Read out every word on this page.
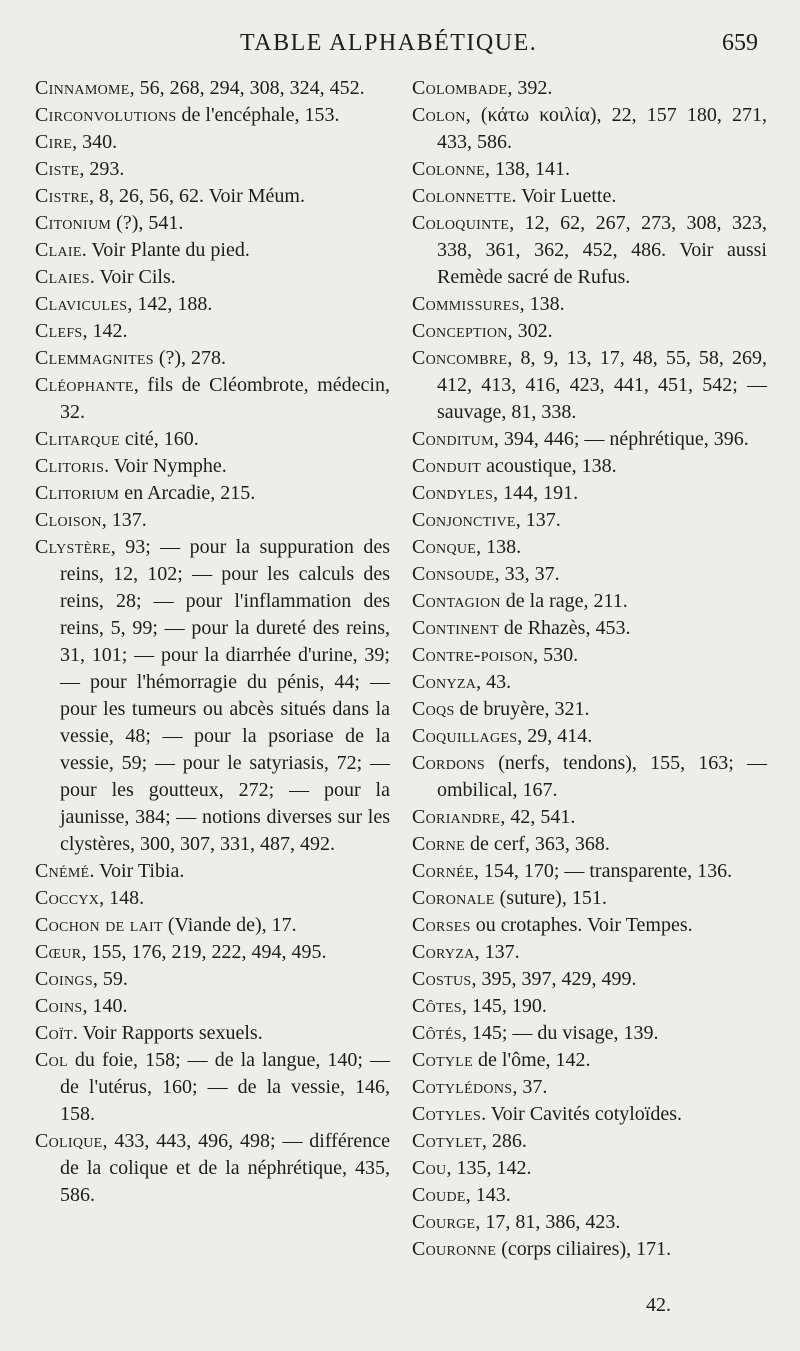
TABLE ALPHABÉTIQUE.	659

Cinnamome, 56, 268, 294, 308, 324, 452.

Circonvolutions de l'encéphale, 153.

Cire, 340.

Ciste, 293.

Cistre, 8, 26, 56, 62. Voir Méum.

Citonium (?), 541.

Claie. Voir Plante du pied.

Claies. Voir Cils.

Clavicules, 142, 188.

Clefs, 142.

Clemmagnites (?), 278.

Cléophante, fils de Cléombrote, médecin, 32.

Clitarque cité, 160.

Clitoris. Voir Nymphe.

Clitorium en Arcadie, 215.

Cloison, 137.

Clystère, 93; — pour la suppuration des reins, 12, 102; — pour les calculs des reins, 28; — pour l'inflammation des reins, 5, 99; — pour la dureté des reins, 31, 101; — pour la diarrhée d'urine, 39; — pour l'hémorragie du pénis, 44; — pour les tumeurs ou abcès situés dans la vessie, 48; — pour la psoriase de la vessie, 59; — pour le satyriasis, 72; — pour les goutteux, 272; — pour la jaunisse, 384; — notions diverses sur les clystères, 300, 307, 331, 487, 492.

Cnémé. Voir Tibia.

Coccyx, 148.

Cochon de lait (Viande de), 17.

Cœur, 155, 176, 219, 222, 494, 495.

Coings, 59.

Coins, 140.

Coït. Voir Rapports sexuels.

Col du foie, 158; — de la langue, 140; — de l'utérus, 160; — de la vessie, 146, 158.

Colique, 433, 443, 496, 498; — différence de la colique et de la néphrétique, 435, 586.

Colombade, 392.

Colon, (κάτω κοιλία), 22, 157 180, 271, 433, 586.

Colonne, 138, 141.

Colonnette. Voir Luette.

Coloquinte, 12, 62, 267, 273, 308, 323, 338, 361, 362, 452, 486. Voir aussi Remède sacré de Rufus.

Commissures, 138.

Conception, 302.

Concombre, 8, 9, 13, 17, 48, 55, 58, 269, 412, 413, 416, 423, 441, 451, 542; — sauvage, 81, 338.

Conditum, 394, 446; — néphrétique, 396.

Conduit acoustique, 138.

Condyles, 144, 191.

Conjonctive, 137.

Conque, 138.

Consoude, 33, 37.

Contagion de la rage, 211.

Continent de Rhazès, 453.

Contre-poison, 530.

Conyza, 43.

Coqs de bruyère, 321.

Coquillages, 29, 414.

Cordons (nerfs, tendons), 155, 163; — ombilical, 167.

Coriandre, 42, 541.

Corne de cerf, 363, 368.

Cornée, 154, 170; — transparente, 136.

Coronale (suture), 151.

Corses ou crotaphes. Voir Tempes.

Coryza, 137.

Costus, 395, 397, 429, 499.

Côtes, 145, 190.

Côtés, 145; — du visage, 139.

Cotyle de l'ôme, 142.

Cotylédons, 37.

Cotyles. Voir Cavités cotyloïdes.

Cotylet, 286.

Cou, 135, 142.

Coude, 143.

Courge, 17, 81, 386, 423.

Couronne (corps ciliaires), 171.

42.
